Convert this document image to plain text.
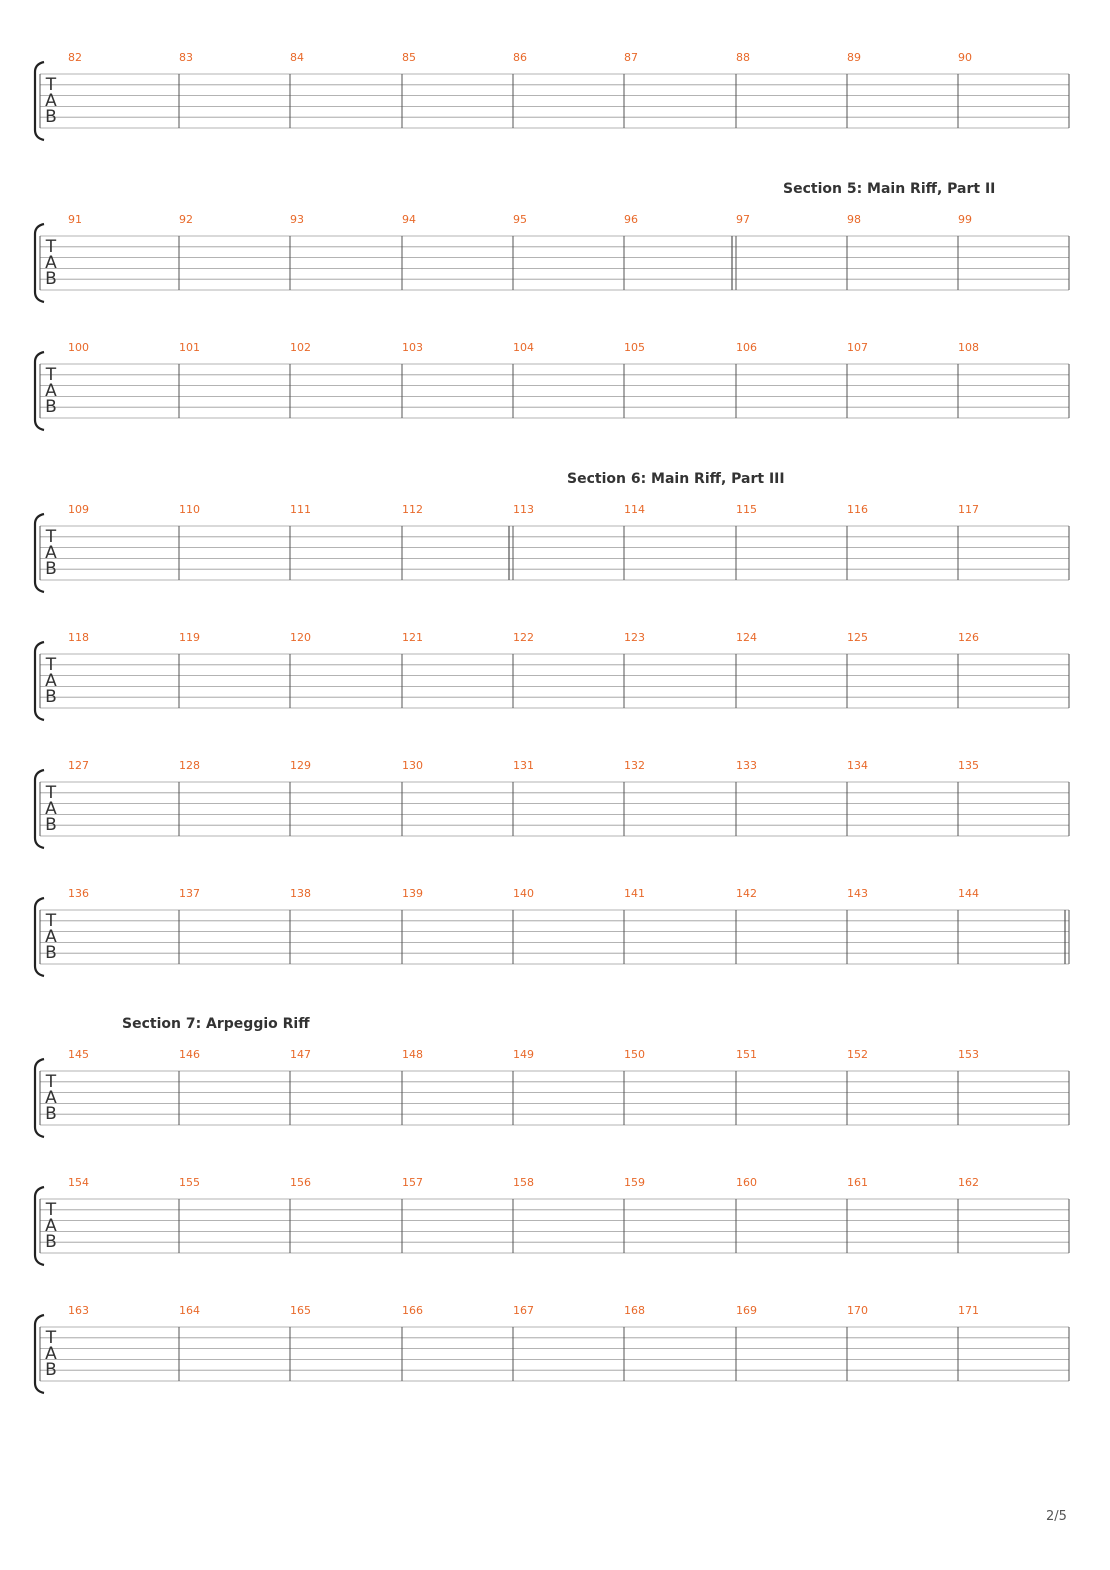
T
A
B
82	83	84	85	86	87	88	89	90
T
A
B
91	92	93	94	95	96	97	98	99
T
A
B
100	101	102	103	104	105	106	107	108
T
A
B
109	110	111	112	113	114	115	116	117
T
A
B
118	119	120	121	122	123	124	125	126
T
A
B
127	128	129	130	131	132	133	134	135
T
A
B
136	137	138	139	140	141	142	143	144
T
A
B
145	146	147	148	149	150	151	152	153
T
A
B
154	155	156	157	158	159	160	161	162
T
A
B
163	164	165	166	167	168	169	170	171
Section 5: Main Riff, Part II
Section 6: Main Riff, Part III
Section 7: Arpeggio Riff
2/5
